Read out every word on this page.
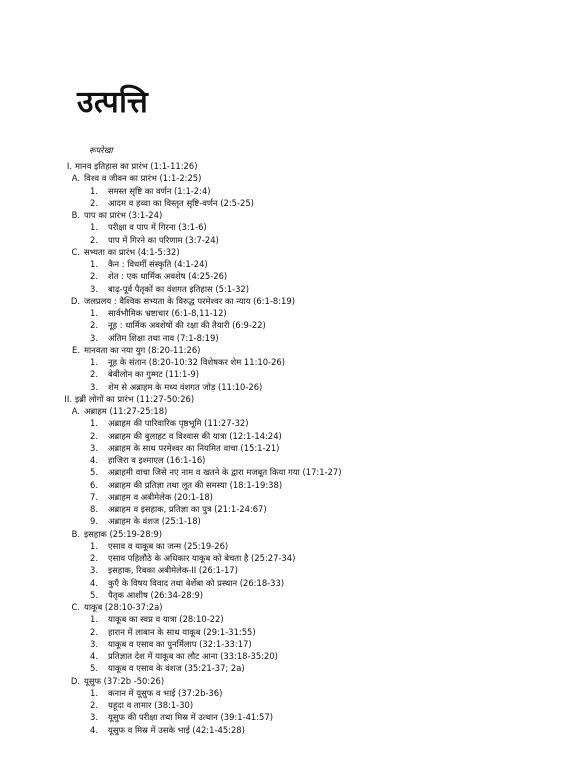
उत्पत्ति
रूपरेखा
I. मानव इतिहास का प्रारंभ (1:1-11:26)
A. विश्व व जीवन का प्रारंभ (1:1-2:25)
1.	समस्त सृष्टि का वर्णन (1:1-2:4)
2.	आदम व हव्वा का विस्तृत सृष्टि-वर्णन (2:5-25)
B. पाप का प्रारंभ (3:1-24)
1.	परीक्षा व पाप में गिरना (3:1-6)
2.	पाप में गिरने का परिणाम (3:7-24)
C. सभ्यता का प्रारंभ (4:1-5:32)
1.	कैन : विधर्मी संस्कृति (4:1-24)
2.	शेत : एक धार्मिक अवशेष (4:25-26)
3.	बाढ़-पूर्व पैतृकों का वंशगत इतिहास (5:1-32)
D. जलप्रलय : वैश्विक सभ्यता के विरुद्ध परमेश्वर का न्याय (6:1-8:19)
1.	सार्वभौमिक भ्रष्टाचार (6:1-8,11-12)
2.	नूह : धार्मिक अवशेषों की रक्षा की तैयारी (6:9-22)
3.	अंतिम शिक्षा तथा नाव (7:1-8:19)
E. मानवता का नया युग (8:20-11:26)
1.	नूह के संतान (8:20-10:32 विशेषकर शेम 11:10-26)
2.	बेबीलोन का गुम्मट (11:1-9)
3.	शेम से अब्राहम के मध्य वंशगत जोड़ (11:10-26)
II. इब्री लोगों का प्रारंभ (11:27-50:26)
A. अब्राहम (11:27-25:18)
1.	अब्राहम की पारिवारिक पृष्ठभूमि (11:27-32)
2.	अब्राहम की बुलाहट व विश्वास की यात्रा (12:1-14:24)
3.	अब्राहम के साथ परमेश्वर का नियमित वाचा (15:1-21)
4.	हाजिरा व इश्माएल (16:1-16)
5.	अब्राहमी वाचा जिसे नए नाम व खतने के द्वारा मजबूत किया गया (17:1-27)
6.	अब्राहम की प्रतिज्ञा तथा लूत की समस्या (18:1-19:38)
7.	अब्राहम व अबीमेलेक (20:1-18)
8.	अब्राहम व इसहाक, प्रतिज्ञा का पुत्र (21:1-24:67)
9.	अब्राहम के वंशज (25:1-18)
B. इसहाक (25:19-28:9)
1.	एसाव व याकूब का जन्म (25:19-26)
2.	एसाव पहिलौठे के अधिकार याकूब को बेचता है (25:27-34)
3.	इसहाक, रिबका अबीमेलेक-II (26:1-17)
4.	कुएँ के विषय विवाद तथा बेर्शेबा को प्रस्थान (26:18-33)
5.	पैतृक आशीष (26:34-28:9)
C. याकूब (28:10-37:2a)
1.	याकूब का स्वप्न व यात्रा (28:10-22)
2.	हारान में लाबान के साथ याकूब (29:1-31:55)
3.	याकूब व एसाव का पुनर्मिलाप (32:1-33:17)
4.	प्रतिज्ञात देश में याकूब का लौट आना (33:18-35:20)
5.	याकूब व एसाव के वंशज (35:21-37; 2a)
D. यूसुफ (37:2b -50:26)
1.	कनान में यूसुफ व भाई (37:2b-36)
2.	यहूदा व तामार (38:1-30)
3.	यूसुफ की परीक्षा तथा मिस्र में उत्थान (39:1-41:57)
4.	यूसुफ व मिस्र में उसके भाई (42:1-45:28)
